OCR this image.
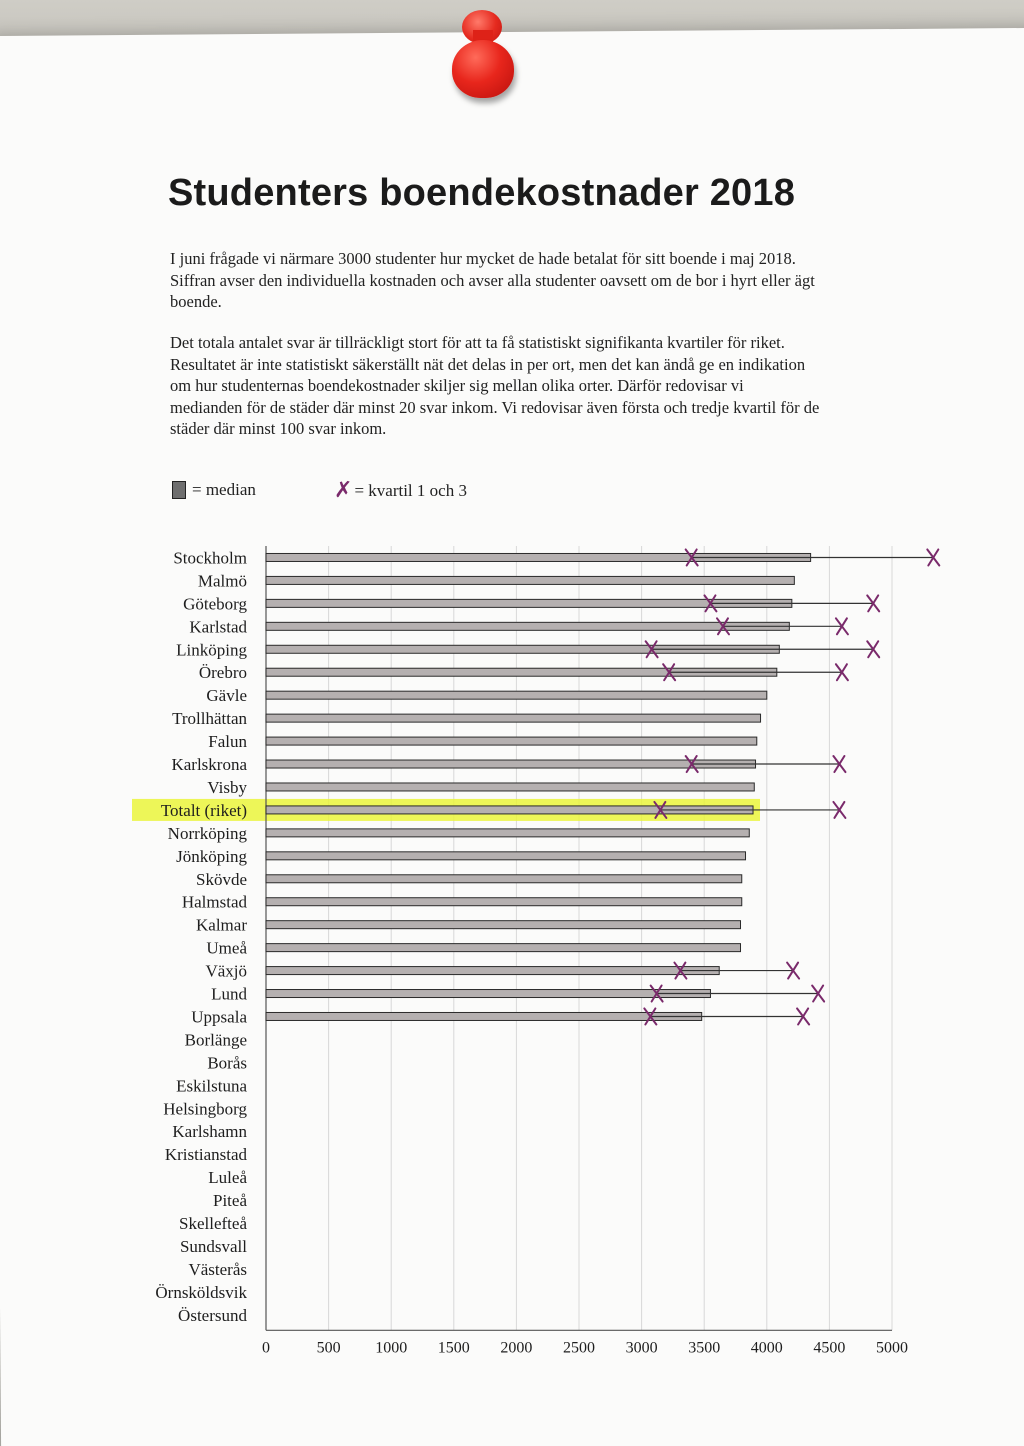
Studenters boendekostnader 2018

I juni frågade vi närmare 3000 studenter hur mycket de hade betalat för sitt boende i maj 2018. Siffran avser den individuella kostnaden och avser alla studenter oavsett om de bor i hyrt eller ägt boende.

Det totala antalet svar är tillräckligt stort för att ta få statistiskt signifikanta kvartiler för riket. Resultatet är inte statistiskt säkerställt nät det delas in per ort, men det kan ändå ge en indikation om hur studenternas boendekostnader skiljer sig mellan olika orter. Därför redovisar vi medianden för de städer där minst 20 svar inkom. Vi redovisar även första och tredje kvartil för de städer där minst 100 svar inkom.

= median	✗ = kvartil 1 och 3
Stockholm
Malmö
Göteborg
Karlstad
Linköping
Örebro
Gävle
Trollhättan
Falun
Karlskrona
Visby
Totalt (riket)
Norrköping
Jönköping
Skövde
Halmstad
Kalmar
Umeå
Växjö
Lund
Uppsala
Borlänge
Borås
Eskilstuna
Helsingborg
Karlshamn
Kristianstad
Luleå
Piteå
Skellefteå
Sundsvall
Västerås
Örnsköldsvik
Östersund
0	500 1000 1500 2000 2500 3000 3500 4000 4500 5000
